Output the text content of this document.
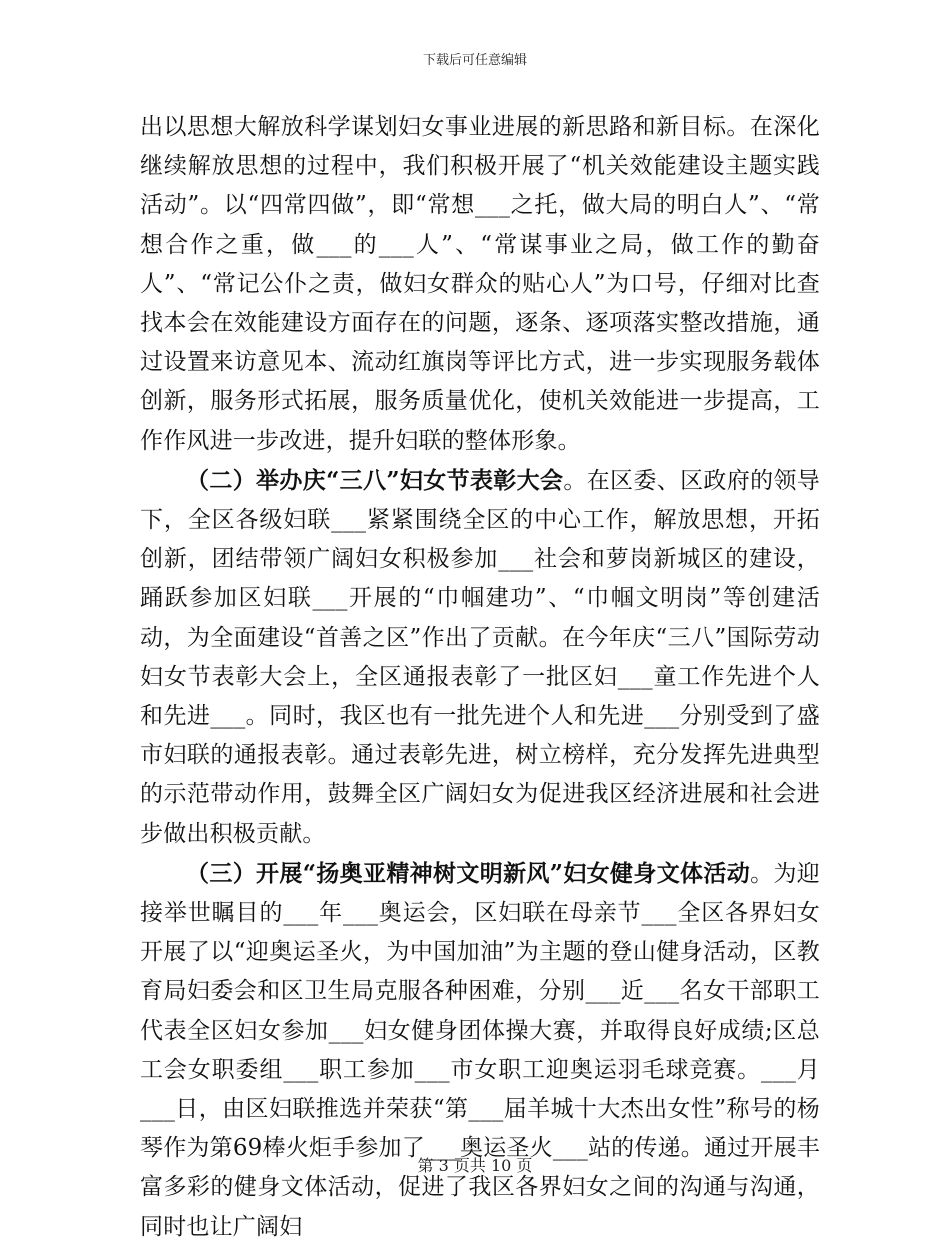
下载后可任意编辑

出以思想大解放科学谋划妇女事业进展的新思路和新目标。在深化继续解放思想的过程中，我们积极开展了“机关效能建设主题实践活动”。以“四常四做”，即“常想___之托，做大局的明白人”、“常想合作之重，做___的___人”、“常谋事业之局，做工作的勤奋人”、“常记公仆之责，做妇女群众的贴心人”为口号，仔细对比查找本会在效能建设方面存在的问题，逐条、逐项落实整改措施，通过设置来访意见本、流动红旗岗等评比方式，进一步实现服务载体创新，服务形式拓展，服务质量优化，使机关效能进一步提高，工作作风进一步改进，提升妇联的整体形象。

（二）举办庆“三八”妇女节表彰大会。在区委、区政府的领导下，全区各级妇联___紧紧围绕全区的中心工作，解放思想，开拓创新，团结带领广阔妇女积极参加___社会和萝岗新城区的建设，踊跃参加区妇联___开展的“巾帼建功”、“巾帼文明岗”等创建活动，为全面建设“首善之区”作出了贡献。在今年庆“三八”国际劳动妇女节表彰大会上，全区通报表彰了一批区妇___童工作先进个人和先进___。同时，我区也有一批先进个人和先进___分别受到了盛市妇联的通报表彰。通过表彰先进，树立榜样，充分发挥先进典型的示范带动作用，鼓舞全区广阔妇女为促进我区经济进展和社会进步做出积极贡献。

（三）开展“扬奥亚精神树文明新风”妇女健身文体活动。为迎接举世瞩目的___年___奥运会，区妇联在母亲节___全区各界妇女开展了以“迎奥运圣火，为中国加油”为主题的登山健身活动，区教育局妇委会和区卫生局克服各种困难，分别___近___名女干部职工代表全区妇女参加___妇女健身团体操大赛，并取得良好成绩;区总工会女职委组___职工参加___市女职工迎奥运羽毛球竞赛。___月___日，由区妇联推选并荣获“第___届羊城十大杰出女性”称号的杨琴作为第69棒火炬手参加了___奥运圣火___站的传递。通过开展丰富多彩的健身文体活动，促进了我区各界妇女之间的沟通与沟通，同时也让广阔妇

第 3 页共 10 页
